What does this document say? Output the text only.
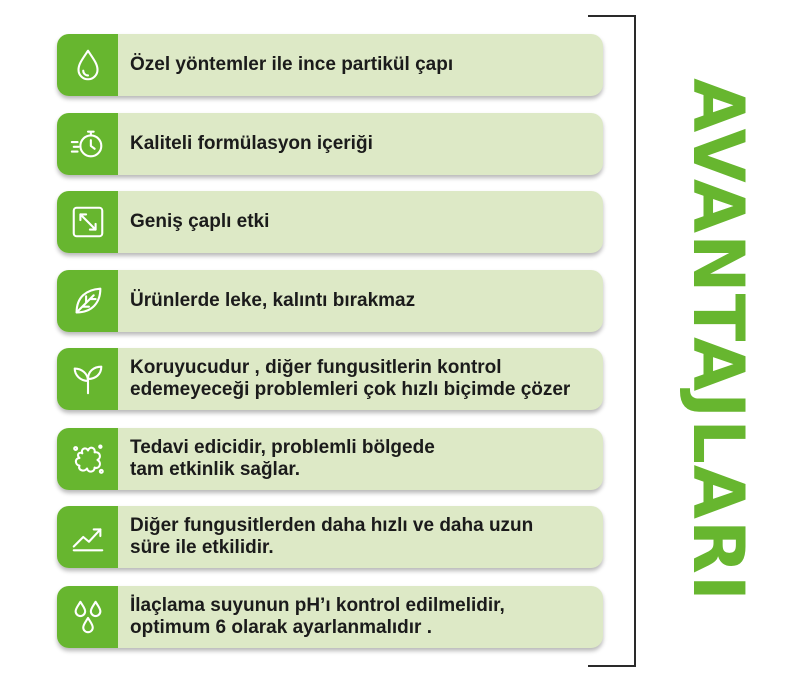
AVANTAJLARI
Özel yöntemler ile ince partikül çapı
Kaliteli formülasyon içeriği
Geniş çaplı etki
Ürünlerde leke, kalıntı bırakmaz
Koruyucudur , diğer fungusitlerin kontrol
edemeyeceği problemleri çok hızlı biçimde çözer
Tedavi edicidir, problemli bölgede
tam etkinlik sağlar.
Diğer fungusitlerden daha hızlı ve daha uzun
süre ile etkilidir.
İlaçlama suyunun pH’ı kontrol edilmelidir,
optimum 6 olarak ayarlanmalıdır .
